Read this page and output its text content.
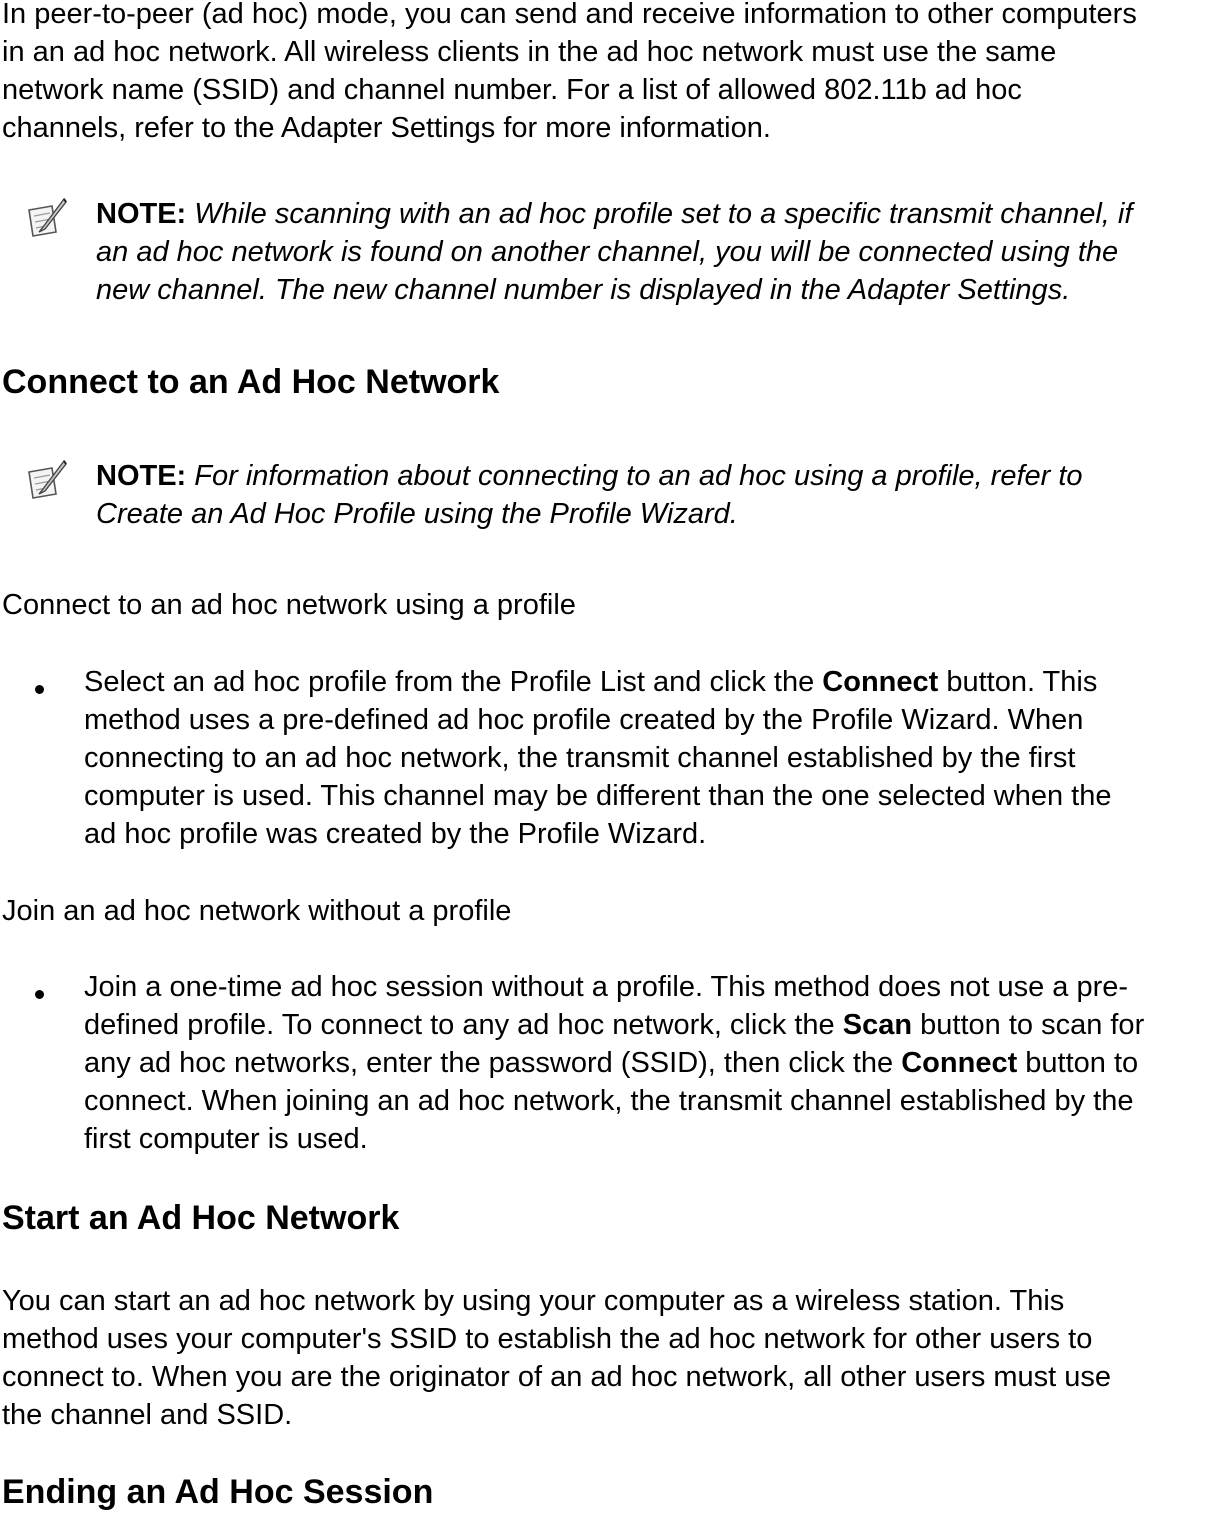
In peer-to-peer (ad hoc) mode, you can send and receive information to other computers
in an ad hoc network. All wireless clients in the ad hoc network must use the same
network name (SSID) and channel number. For a list of allowed 802.11b ad hoc
channels, refer to the Adapter Settings for more information.

NOTE: While scanning with an ad hoc profile set to a specific transmit channel, if
an ad hoc network is found on another channel, you will be connected using the
new channel. The new channel number is displayed in the Adapter Settings.

Connect to an Ad Hoc Network

NOTE: For information about connecting to an ad hoc using a profile, refer to
Create an Ad Hoc Profile using the Profile Wizard.

Connect to an ad hoc network using a profile

Select an ad hoc profile from the Profile List and click the Connect button. This
method uses a pre-defined ad hoc profile created by the Profile Wizard. When
connecting to an ad hoc network, the transmit channel established by the first
computer is used. This channel may be different than the one selected when the
ad hoc profile was created by the Profile Wizard.

Join an ad hoc network without a profile

Join a one-time ad hoc session without a profile. This method does not use a pre-
defined profile. To connect to any ad hoc network, click the Scan button to scan for
any ad hoc networks, enter the password (SSID), then click the Connect button to
connect. When joining an ad hoc network, the transmit channel established by the
first computer is used.

Start an Ad Hoc Network

You can start an ad hoc network by using your computer as a wireless station. This
method uses your computer's SSID to establish the ad hoc network for other users to
connect to. When you are the originator of an ad hoc network, all other users must use
the channel and SSID.

Ending an Ad Hoc Session
